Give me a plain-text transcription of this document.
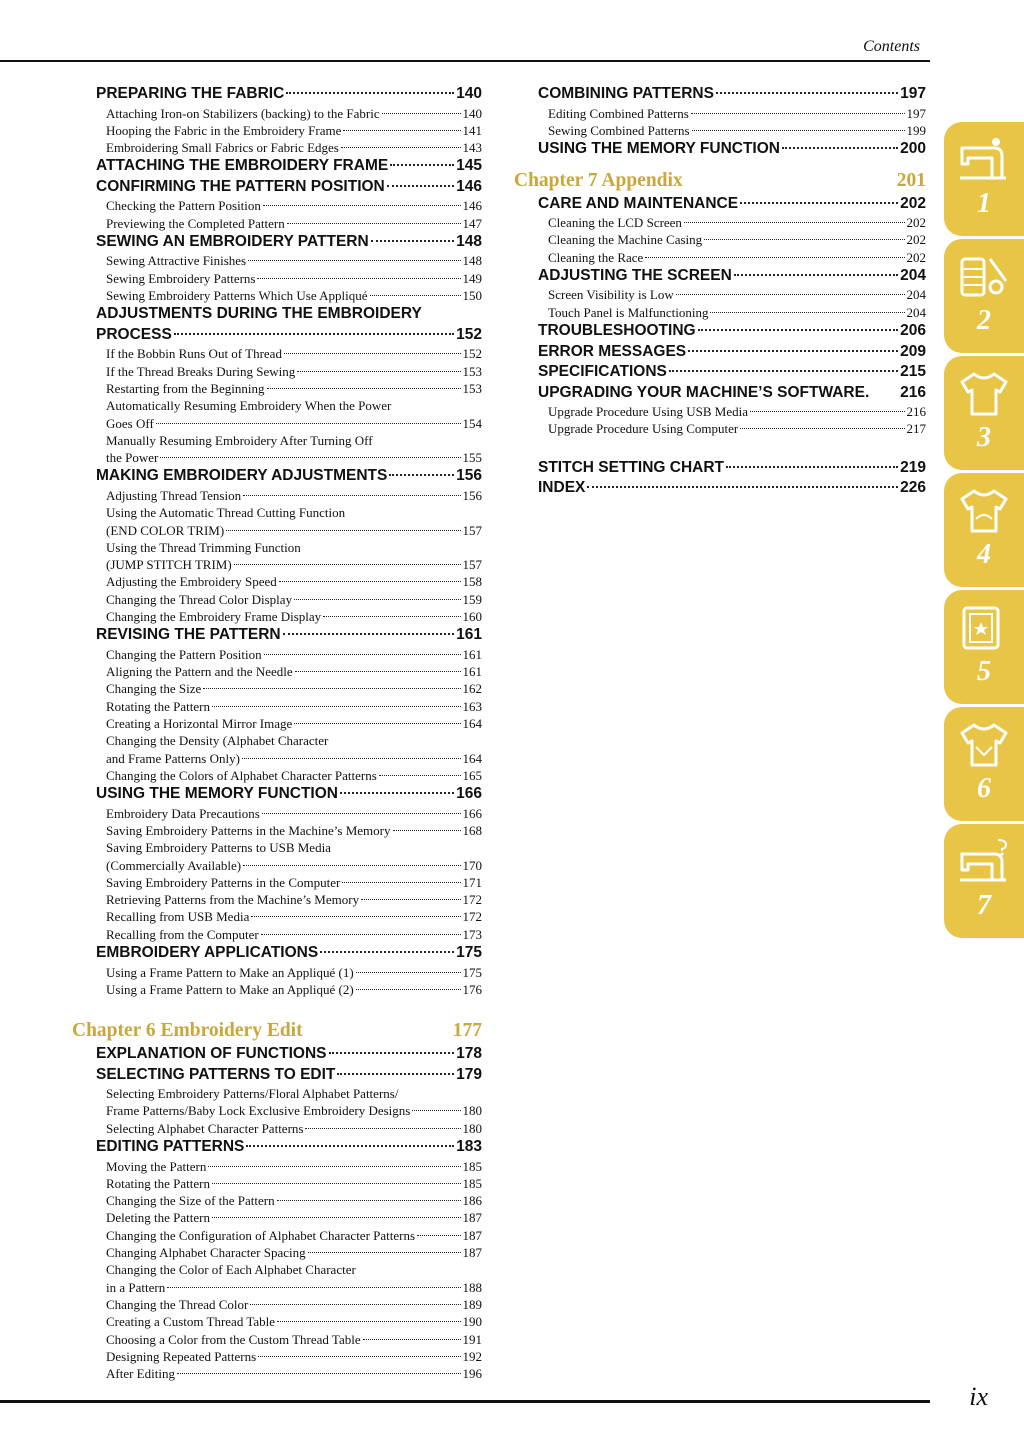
Contents
PREPARING THE FABRIC	140
Attaching Iron-on Stabilizers (backing) to the Fabric	140
Hooping the Fabric in the Embroidery Frame	141
Embroidering Small Fabrics or Fabric Edges	143
ATTACHING THE EMBROIDERY FRAME	145
CONFIRMING THE PATTERN POSITION	146
Checking the Pattern Position	146
Previewing the Completed Pattern	147
SEWING AN EMBROIDERY PATTERN	148
Sewing Attractive Finishes	148
Sewing Embroidery Patterns	149
Sewing Embroidery Patterns Which Use Appliqué	150
ADJUSTMENTS DURING THE EMBROIDERY
PROCESS	152
If the Bobbin Runs Out of Thread	152
If the Thread Breaks During Sewing	153
Restarting from the Beginning	153
Automatically Resuming Embroidery When the Power
Goes Off	154
Manually Resuming Embroidery After Turning Off
the Power	155
MAKING EMBROIDERY ADJUSTMENTS	156
Adjusting Thread Tension	156
Using the Automatic Thread Cutting Function
(END COLOR TRIM)	157
Using the Thread Trimming Function
(JUMP STITCH TRIM)	157
Adjusting the Embroidery Speed	158
Changing the Thread Color Display	159
Changing the Embroidery Frame Display	160
REVISING THE PATTERN	161
Changing the Pattern Position	161
Aligning the Pattern and the Needle	161
Changing the Size	162
Rotating the Pattern	163
Creating a Horizontal Mirror Image	164
Changing the Density (Alphabet Character
and Frame Patterns Only)	164
Changing the Colors of Alphabet Character Patterns	165
USING THE MEMORY FUNCTION	166
Embroidery Data Precautions	166
Saving Embroidery Patterns in the Machine’s Memory	168
Saving Embroidery Patterns to USB Media
(Commercially Available)	170
Saving Embroidery Patterns in the Computer	171
Retrieving Patterns from the Machine’s Memory	172
Recalling from USB Media	172
Recalling from the Computer	173
EMBROIDERY APPLICATIONS	175
Using a Frame Pattern to Make an Appliqué (1)	175
Using a Frame Pattern to Make an Appliqué (2)	176
Chapter 6 Embroidery Edit	177
EXPLANATION OF FUNCTIONS	178
SELECTING PATTERNS TO EDIT	179
Selecting Embroidery Patterns/Floral Alphabet Patterns/
Frame Patterns/Baby Lock Exclusive Embroidery Designs	180
Selecting Alphabet Character Patterns	180
EDITING PATTERNS	183
Moving the Pattern	185
Rotating the Pattern	185
Changing the Size of the Pattern	186
Deleting the Pattern	187
Changing the Configuration of Alphabet Character Patterns	187
Changing Alphabet Character Spacing	187
Changing the Color of Each Alphabet Character
in a Pattern	188
Changing the Thread Color	189
Creating a Custom Thread Table	190
Choosing a Color from the Custom Thread Table	191
Designing Repeated Patterns	192
After Editing	196
COMBINING PATTERNS	197
Editing Combined Patterns	197
Sewing Combined Patterns	199
USING THE MEMORY FUNCTION	200
Chapter 7 Appendix	201
CARE AND MAINTENANCE	202
Cleaning the LCD Screen	202
Cleaning the Machine Casing	202
Cleaning the Race	202
ADJUSTING THE SCREEN	204
Screen Visibility is Low	204
Touch Panel is Malfunctioning	204
TROUBLESHOOTING	206
ERROR MESSAGES	209
SPECIFICATIONS	215
UPGRADING YOUR MACHINE’S SOFTWARE. 216
Upgrade Procedure Using USB Media	216
Upgrade Procedure Using Computer	217
STITCH SETTING CHART	219
INDEX	226
1
2
3
4
5
6
7
ix
